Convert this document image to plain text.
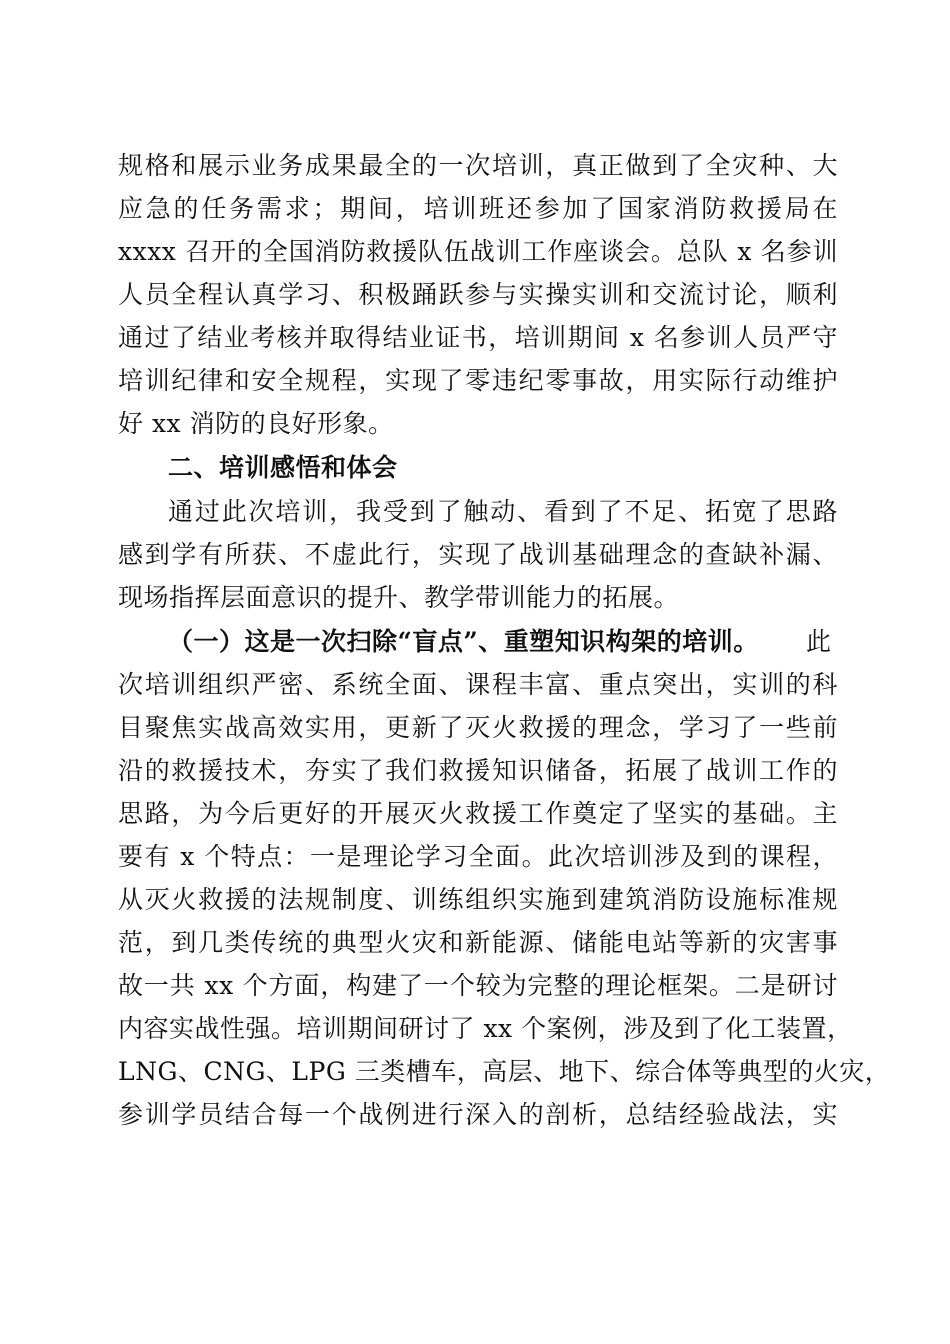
规格和展示业务成果最全的一次培训，真正做到了全灾种、大
应急的任务需求；期间，培训班还参加了国家消防救援局在
xxxx 召开的全国消防救援队伍战训工作座谈会。总队 x 名参训
人员全程认真学习、积极踊跃参与实操实训和交流讨论，顺利
通过了结业考核并取得结业证书，培训期间 x 名参训人员严守
培训纪律和安全规程，实现了零违纪零事故，用实际行动维护
好 xx 消防的良好形象。
二、培训感悟和体会
通过此次培训，我受到了触动、看到了不足、拓宽了思路
感到学有所获、不虚此行，实现了战训基础理念的查缺补漏、
现场指挥层面意识的提升、教学带训能力的拓展。
（一）这是一次扫除“盲点”、重塑知识构架的培训。	此
次培训组织严密、系统全面、课程丰富、重点突出，实训的科
目聚焦实战高效实用，更新了灭火救援的理念，学习了一些前
沿的救援技术，夯实了我们救援知识储备，拓展了战训工作的
思路，为今后更好的开展灭火救援工作奠定了坚实的基础。主
要有 x 个特点：一是理论学习全面。此次培训涉及到的课程，
从灭火救援的法规制度、训练组织实施到建筑消防设施标准规
范，到几类传统的典型火灾和新能源、储能电站等新的灾害事
故一共 xx 个方面，构建了一个较为完整的理论框架。二是研讨
内容实战性强。培训期间研讨了 xx 个案例，涉及到了化工装置，
LNG、CNG、LPG 三类槽车，高层、地下、综合体等典型的火灾，
参训学员结合每一个战例进行深入的剖析，总结经验战法，实
